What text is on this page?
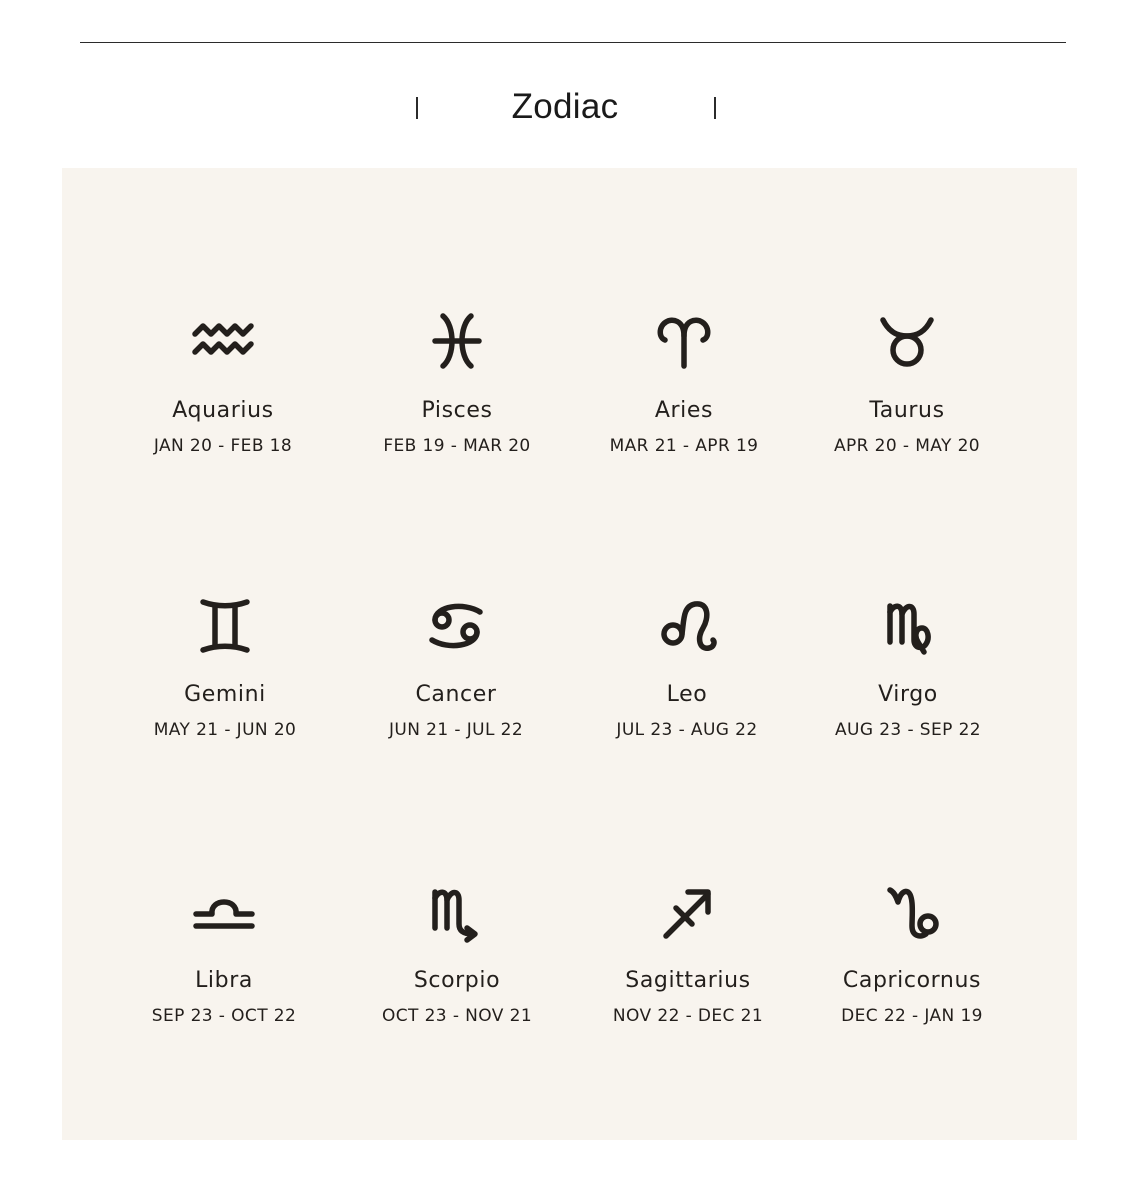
Zodiac
Aquarius
JAN 20 - FEB 18
Pisces
FEB 19 - MAR 20
Aries
MAR 21 - APR 19
Taurus
APR 20 - MAY 20
Gemini
MAY 21 - JUN 20
Cancer
JUN 21 - JUL 22
Leo
JUL 23 - AUG 22
Virgo
AUG 23 - SEP 22
Libra
SEP 23 - OCT 22
Scorpio
OCT 23 - NOV 21
Sagittarius
NOV 22 - DEC 21
Capricornus
DEC 22 - JAN 19
